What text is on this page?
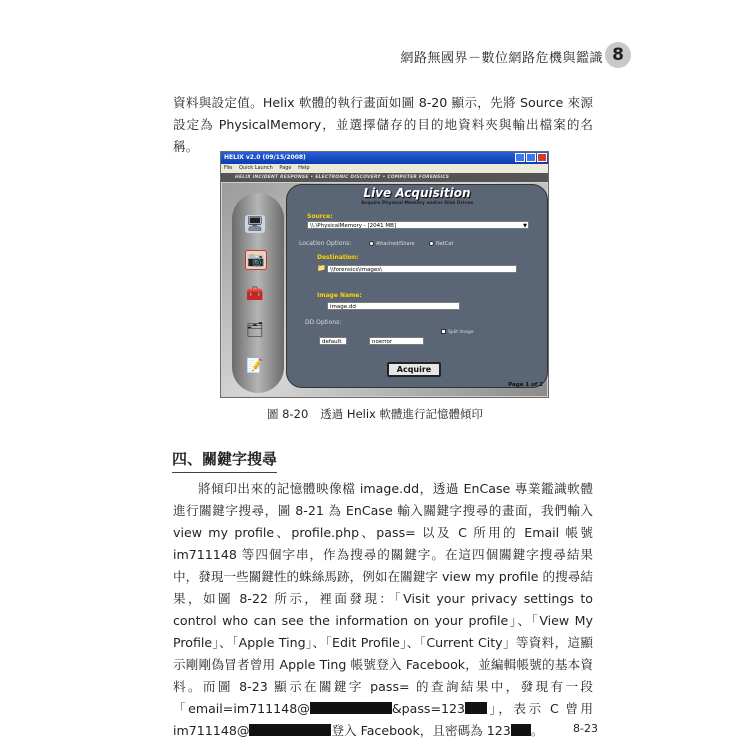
網路無國界－數位網路危機與鑑識 8

資料與設定值。Helix 軟體的執行畫面如圖 8-20 顯示，先將 Source 來源設定為 PhysicalMemory，並選擇儲存的目的地資料夾與輸出檔案的名稱。

HELIX v2.0 (09/15/2008)
File Quick Launch Page Help
HELIX INCIDENT RESPONSE • ELECTRONIC DISCOVERY • COMPUTER FORENSICS
🖥
📷
🧰
🗂
📝
Live Acquisition
Acquire Physical Memory and/or Disk Drives
Source:
\\.\PhysicalMemory - [2041 MB]	▼
Location Options:	Attached/Share	NetCat
Destination:
📁 \\forensics\images\
Image Name:
image.dd
DD Options:
default	noerror
Split Image
Acquire
Page 1 of 2
圖 8-20 透過 Helix 軟體進行記憶體傾印
四、關鍵字搜尋

將傾印出來的記憶體映像檔 image.dd，透過 EnCase 專業鑑識軟體進行關鍵字搜尋，圖 8-21 為 EnCase 輸入關鍵字搜尋的畫面，我們輸入 view my profile、profile.php、pass= 以及 C 所用的 Email 帳號 im711148 等四個字串，作為搜尋的關鍵字。在這四個關鍵字搜尋結果中，發現一些關鍵性的蛛絲馬跡，例如在關鍵字 view my profile 的搜尋結果，如圖 8-22 所示，裡面發現：「Visit your privacy settings to control who can see the information on your profile」、「View My Profile」、「Apple Ting」、「Edit Profile」、「Current City」等資料，這顯示剛剛偽冒者曾用 Apple Ting 帳號登入 Facebook，並編輯帳號的基本資料。而圖 8-23 顯示在關鍵字 pass= 的查詢結果中，發現有一段「email=im711148@	&pass=123 」，表示 C 曾用 im711148@	登入 Facebook，且密碼為 123 。	8-23
